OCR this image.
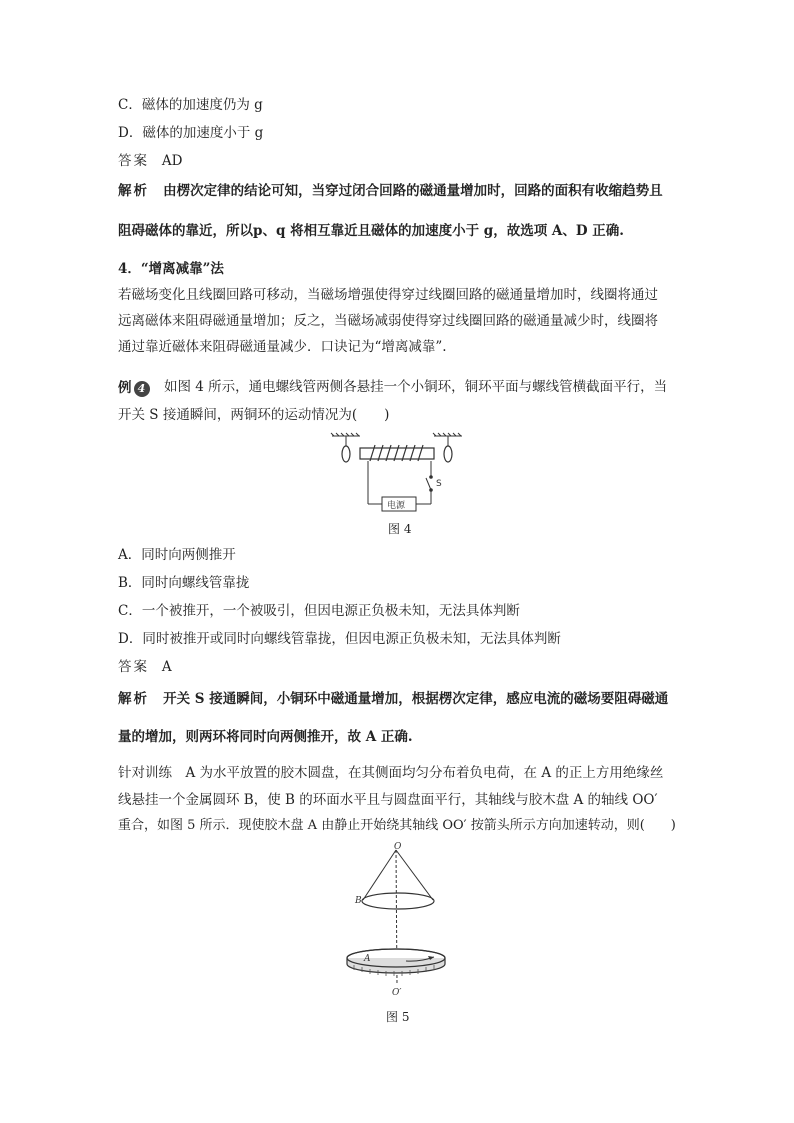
C．磁体的加速度仍为 g
D．磁体的加速度小于 g
答案 AD
解析 由楞次定律的结论可知，当穿过闭合回路的磁通量增加时，回路的面积有收缩趋势且
阻碍磁体的靠近，所以p、q 将相互靠近且磁体的加速度小于 g，故选项 A、D 正确.
4．“增离减靠”法
若磁场变化且线圈回路可移动，当磁场增强使得穿过线圈回路的磁通量增加时，线圈将通过
远离磁体来阻碍磁通量增加；反之，当磁场减弱使得穿过线圈回路的磁通量减少时，线圈将
通过靠近磁体来阻碍磁通量减少．口诀记为“增离减靠”.
例 4	如图 4 所示，通电螺线管两侧各悬挂一个小铜环，铜环平面与螺线管横截面平行，当
开关 S 接通瞬间，两铜环的运动情况为(　　)
S
电源
图 4
A．同时向两侧推开
B．同时向螺线管靠拢
C．一个被推开，一个被吸引，但因电源正负极未知，无法具体判断
D．同时被推开或同时向螺线管靠拢，但因电源正负极未知，无法具体判断
答案 A
解析 开关 S 接通瞬间，小铜环中磁通量增加，根据楞次定律，感应电流的磁场要阻碍磁通
量的增加，则两环将同时向两侧推开，故 A 正确.
针对训练　A 为水平放置的胶木圆盘，在其侧面均匀分布着负电荷，在 A 的正上方用绝缘丝
线悬挂一个金属圆环 B，使 B 的环面水平且与圆盘面平行，其轴线与胶木盘 A 的轴线 OO′
重合，如图 5 所示．现使胶木盘 A 由静止开始绕其轴线 OO′ 按箭头所示方向加速转动，则(　　)
O
B
A
O′
图 5
